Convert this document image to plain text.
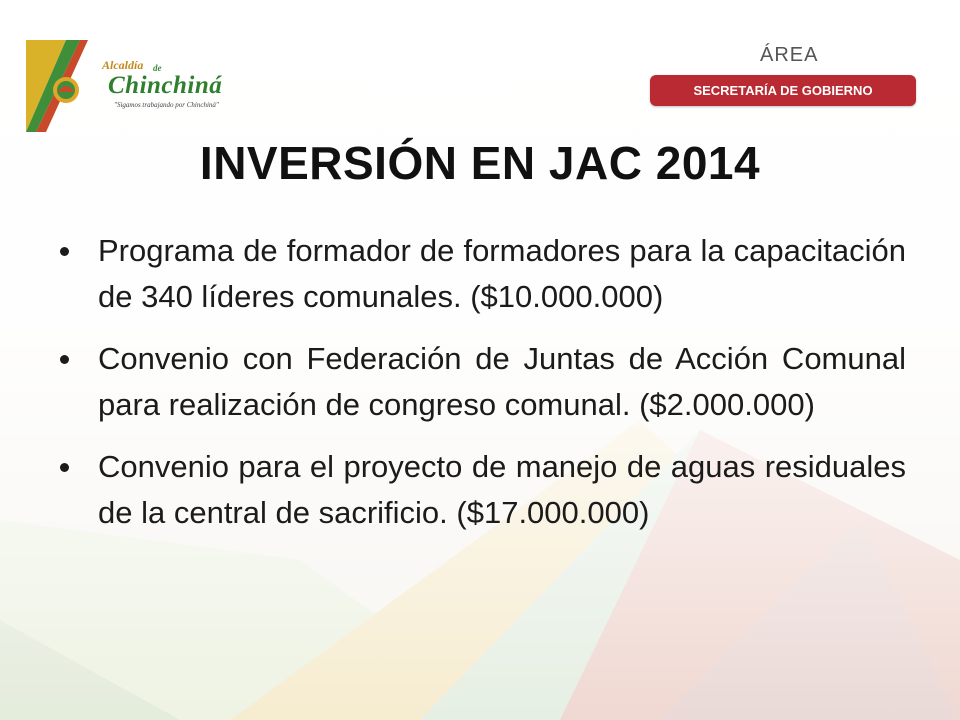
Alcaldía de
Chinchiná
"Sigamos trabajando por Chinchiná"
ÁREA
SECRETARÍA DE GOBIERNO
INVERSIÓN EN JAC 2014
Programa de formador de formadores para la capacitación de 340 líderes comunales. ($10.000.000)
Convenio con Federación de Juntas de Acción Comunal para realización de congreso comunal. ($2.000.000)
Convenio para el proyecto de manejo de aguas residuales de la central de sacrificio. ($17.000.000)
